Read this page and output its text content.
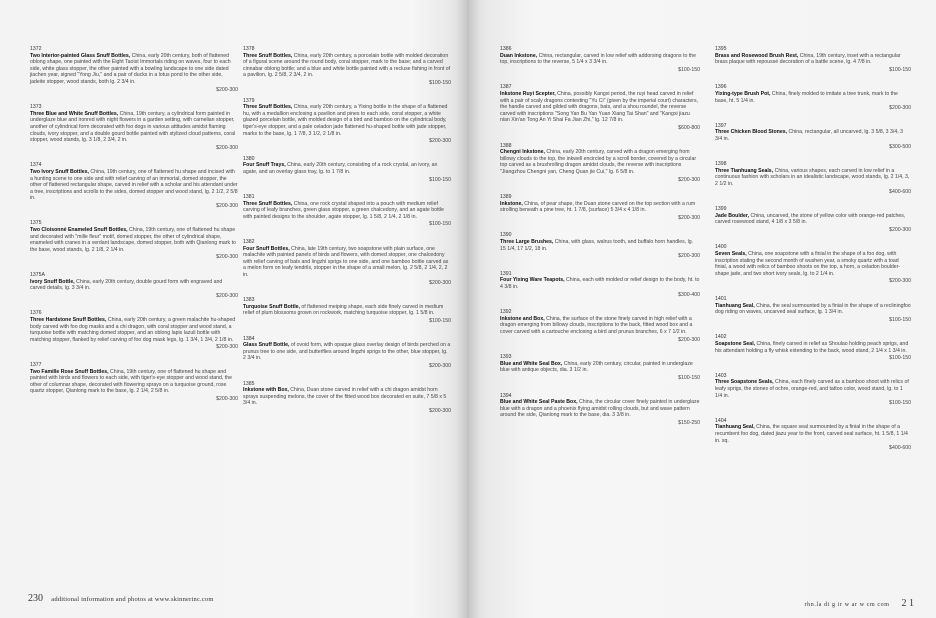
1372
Two Interior-painted Glass Snuff Bottles, China, early 20th century, both of flattened oblong shape, one painted with the Eight Taoist Immortals riding on waves, four to each side, white glass stopper, the other painted with a bowling landscape to one side dated jiachen year, signed "Yong Jiu," and a pair of ducks in a lotus pond to the other side, jadeite stopper, wood stands, both lg. 2 3/4 in.
$200-300
1373
Three Blue and White Snuff Bottles, China, 19th century, a cylindrical form painted in underglaze blue and ironred with night flowers in a garden setting, with carnelian stopper, another of cylindrical form decorated with foo dogs in various attitudes amidst flaming clouds, ivory stopper, and a double gourd bottle painted with stylized cloud patterns, coral stopper, wood stands, lg. 3 1/8, 2 3/4, 2 in.
$200-300
1374
Two Ivory Snuff Bottles, China, 19th century, one of flattened hu shape and incised with a hunting scene to one side and with relief carving of an immortal, domed stopper, the other of flattened rectangular shape, carved in relief with a scholar and his attendant under a tree, inscriptions and scrolls to the sides, domed stopper and wood stand, lg. 2 1/2, 2 5/8 in.
$200-300
1375
Two Cloisonné Enameled Snuff Bottles, China, 19th century, one of flattened hu shape and decorated with "mille fleur" motif, domed stopper, the other of cylindrical shape, enameled with cranes in a verdant landscape, domed stopper, both with Qianlong mark to the base, wood stands, lg. 2 1/8, 2 1/4 in.
$200-300
1375A
Ivory Snuff Bottle, China, early 20th century, double gourd form with engraved and carved details, lg. 3 3/4 in.
$200-300
1376
Three Hardstone Snuff Bottles, China, early 20th century, a green malachite hu-shaped body carved with foo dog masks and a chi dragon, with coral stopper and wood stand, a turquoise bottle with matching domed stopper, and an oblong lapis lazuli bottle with matching stopper, flanked by relief carving of foo dog mask legs, lg. 1 3/4, 1 3/4, 2 1/8 in.
$200-300
1377
Two Famille Rose Snuff Bottles, China, 19th century, one of flattened hu shape and painted with birds and flowers to each side, with tiger's-eye stopper and wood stand, the other of columnar shape, decorated with flowering sprays on a turquoise ground, rose quartz stopper, Qianlong mark to the base, lg. 2 1/4, 2 5/8 in.
$200-300
1378
Three Snuff Bottles, China, early 20th century, a porcelain bottle with molded decoration of a figural scene around the round body, coral stopper, mark to the base; and a carved cinnabar oblong bottle; and a blue and white bottle painted with a recluse fishing in front of a pavilion, lg. 2 5/8, 2 3/4, 2 in.
$100-150
1379
Three Snuff Bottles, China, early 20th century, a Yixing bottle in the shape of a flattened hu, with a medallion enclosing a pavilion and pines to each side, coral stopper, a white glazed porcelain bottle, with molded design of a bird and bamboo on the cylindrical body, tiger's-eye stopper, and a pale celadon jade flattened hu-shaped bottle with jade stopper, marks to the base, lg. 1 7/8, 3 1/2, 2 1/8 in.
$200-300
1380
Four Snuff Trays, China, early 20th century, consisting of a rock crystal, an ivory, an agate, and an overlay glass tray, lg. to 1 7/8 in.
$100-150
1381
Three Snuff Bottles, China, one rock crystal shaped into a pouch with medium relief carving of leafy branches, green glass stopper, a green chalcedony, and an agate bottle with painted designs to the shoulder, agate stopper, lg. 1 5/8, 2 1/4, 2 1/8 in.
$100-150
1382
Four Snuff Bottles, China, late 19th century, two soapstone with plain surface, one malachite with painted panels of birds and flowers, with domed stopper, one chalcedony with relief carving of bats and lingzhi sprigs to one side, and one bamboo bottle carved as a melon form on leafy tendrils, stopper in the shape of a small melon, lg. 2 5/8, 2 1/4, 2, 2 in.
$200-300
1383
Turquoise Snuff Bottle, of flattened meiping shape, each side finely carved in medium relief of plum blossoms grown on rockwork, matching turquoise stopper, lg. 1 5/8 in.
$100-150
1384
Glass Snuff Bottle, of ovoid form, with opaque glass overlay design of birds perched on a prunus tree to one side, and butterflies around lingzhi sprigs to the other, blue stopper, lg. 2 3/4 in.
$200-300
1385
Inkstone with Box, China, Duan stone carved in relief with a chi dragon amidst horn sprays suspending melons, the cover of the fitted wood box decorated en suite, 7 5/8 x 5 3/4 in.
$200-300
230 additional information and photos at www.skinnerinc.com
1386
Duan Inkstone, China, rectangular, carved in low relief with addorsing dragons to the top, inscriptions to the reverse, 5 1/4 x 3 3/4 in.
$100-150
1387
Inkstone Ruyi Scepter, China, possibly Kangxi period, the ruyi head carved in relief with a pair of scaly dragons contesting "Yu Ci" (given by the imperial court) characters, the handle carved and gilded with dragons, bats, and a shou roundel, the reverse carved with inscriptions "Song Yan Bu Yan Yuan Xiang Tai Shan" and "Kangxi jiazu nian Xin'an Tong An Yi Shai Fa Jian Zhi," lg. 12 7/8 in.
$600-800
1388
Chengni Inkstone, China, early 20th century, carved with a dragon emerging from billowy clouds to the top, the inkwell encircled by a scroll border, covered by a circular top carved as a brushrolling dragon amidst clouds, the reverse with inscriptions "Jiangzhou Chengni yan, Cheng Quan jie Cui," lg. 6 5/8 in.
$200-300
1389
Inkstone, China, of pear shape, the Duan stone carved on the top section with a rum strolling beneath a pine tree, ht. 1 7/8, (surface) 5 3/4 x 4 1/8 in.
$200-300
1390
Three Large Brushes, China, with glass, walrus tooth, and buffalo horn handles, lg. 15 1/4, 17 1/2, 18 in.
$200-300
1391
Four Yixing Ware Teapots, China, each with molded or relief design to the body, ht. to 4 3/8 in.
$300-400
1392
Inkstone and Box, China, the surface of the stone finely carved in high relief with a dragon emerging from billowy clouds, inscriptions to the back, fitted wood box and a cover carved with a cartouche enclosing a bird and prunus branches, 6 x 7 1/2 in.
$200-300
1393
Blue and White Seal Box, China, early 20th century, circular, painted in underglaze blue with antique objects, dia. 3 1/2 in.
$100-150
1394
Blue and White Seal Paste Box, China, the circular cover finely painted in underglaze blue with a dragon and a phoenix flying amidst rolling clouds, but and wave pattern around the side, Qianlong mark to the base, dia. 3 3/8 in.
$150-250
1395
Brass and Rosewood Brush Rest, China, 19th century, inset with a rectangular brass plaque with repoussé decoration of a battle scene, lg. 4 7/8 in.
$100-150
1396
Yixing-type Brush Pot, China, finely molded to imitate a tree trunk, mark to the base, ht. 5 1/4 in.
$200-300
1397
Three Chicken Blood Stones, China, rectangular, all uncarved, lg. 3 5/8, 3 3/4, 3 3/4 in.
$300-500
1398
Three Tianhuang Seals, China, various shapes, each carved in low relief in a continuous fashion with scholars in an idealistic landscape, wood stands, lg. 2 1/4, 3, 2 1/2 in.
$400-600
1399
Jade Boulder, China, uncarved, the stone of yellow color with orange-red patches, carved rosewood stand, 4 1/8 x 3 5/8 in.
$200-300
1400
Seven Seals, China, one soapstone with a finial in the shape of a foo dog, with inscription stating the second month of wushen year, a smoky quartz with a toad finial, a wood with relics of bamboo shoots on the top, a horn, a celadon boulder-shape jade, and two short ivory seals, lg. to 2 1/4 in.
$200-300
1401
Tianhuang Seal, China, the seal surmounted by a finial in the shape of a recliningfoo dog riding on waves, uncarved seal surface, lg. 1 3/4 in.
$100-150
1402
Soapstone Seal, China, finely carved in relief as Shoulao holding peach sprigs, and his attendant holding a fly whisk extending to the back, wood stand, 2 1/4 x 1 3/4 in.
$100-150
1403
Three Soapstone Seals, China, each finely carved as a bamboo shoot with relics of leafy sprigs, the stones of ochre, orange-red, and tattoo color, wood stand, lg. to 1 1/4 in.
$100-150
1404
Tianhuang Seal, China, the square seal surmounted by a finial in the shape of a recumbent foo dog, dated jiazu year to the front, carved seal surface, ht. 1 5/8, 1 1/4 in. sq.
$400-600
rhn.la di g ir w ar w cm com 2 1
